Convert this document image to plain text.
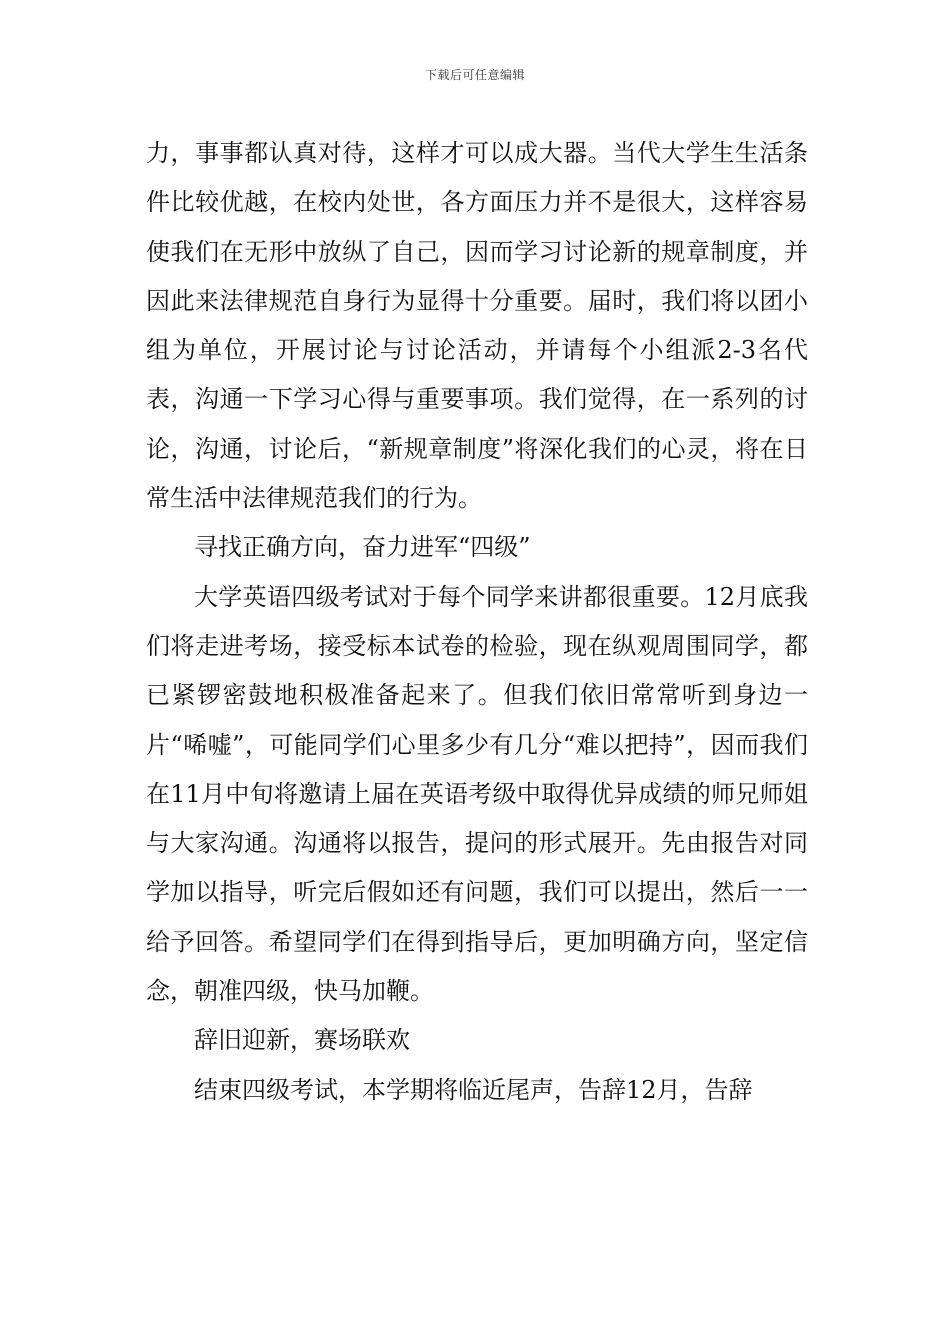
下载后可任意编辑

力，事事都认真对待，这样才可以成大器。当代大学生生活条件比较优越，在校内处世，各方面压力并不是很大，这样容易使我们在无形中放纵了自己，因而学习讨论新的规章制度，并因此来法律规范自身行为显得十分重要。届时，我们将以团小组为单位，开展讨论与讨论活动，并请每个小组派2-3名代表，沟通一下学习心得与重要事项。我们觉得，在一系列的讨论，沟通，讨论后，“新规章制度”将深化我们的心灵，将在日常生活中法律规范我们的行为。

寻找正确方向，奋力进军“四级”

大学英语四级考试对于每个同学来讲都很重要。12月底我们将走进考场，接受标本试卷的检验，现在纵观周围同学，都已紧锣密鼓地积极准备起来了。但我们依旧常常听到身边一片“唏嘘”，可能同学们心里多少有几分“难以把持”，因而我们在11月中旬将邀请上届在英语考级中取得优异成绩的师兄师姐与大家沟通。沟通将以报告，提问的形式展开。先由报告对同学加以指导，听完后假如还有问题，我们可以提出，然后一一给予回答。希望同学们在得到指导后，更加明确方向，坚定信念，朝准四级，快马加鞭。

辞旧迎新，赛场联欢

结束四级考试，本学期将临近尾声，告辞12月，告辞
